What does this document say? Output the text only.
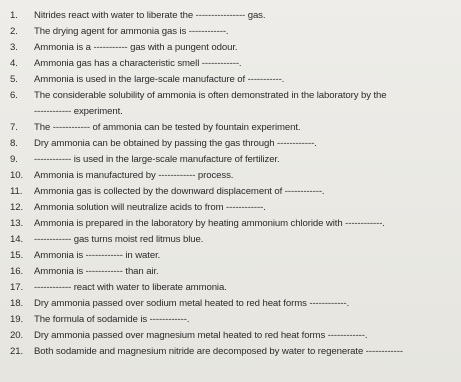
1. Nitrides react with water to liberate the ---------------- gas.
2. The drying agent for ammonia gas is ------------.
3. Ammonia is a ----------- gas with a pungent odour.
4. Ammonia gas has a characteristic smell ------------.
5. Ammonia is used in the large-scale manufacture of -----------.
6. The considerable solubility of ammonia is often demonstrated in the laboratory by the
------------ experiment.
7. The ------------ of ammonia can be tested by fountain experiment.
8. Dry ammonia can be obtained by passing the gas through ------------.
9. ------------ is used in the large-scale manufacture of fertilizer.
10. Ammonia is manufactured by ------------ process.
11. Ammonia gas is collected by the downward displacement of ------------.
12. Ammonia solution will neutralize acids to from ------------.
13. Ammonia is prepared in the laboratory by heating ammonium chloride with ------------.
14. ------------ gas turns moist red litmus blue.
15. Ammonia is ------------ in water.
16. Ammonia is ------------ than air.
17. ------------ react with water to liberate ammonia.
18. Dry ammonia passed over sodium metal heated to red heat forms ------------.
19. The formula of sodamide is ------------.
20. Dry ammonia passed over magnesium metal heated to red heat forms ------------.
21. Both sodamide and magnesium nitride are decomposed by water to regenerate ------------
